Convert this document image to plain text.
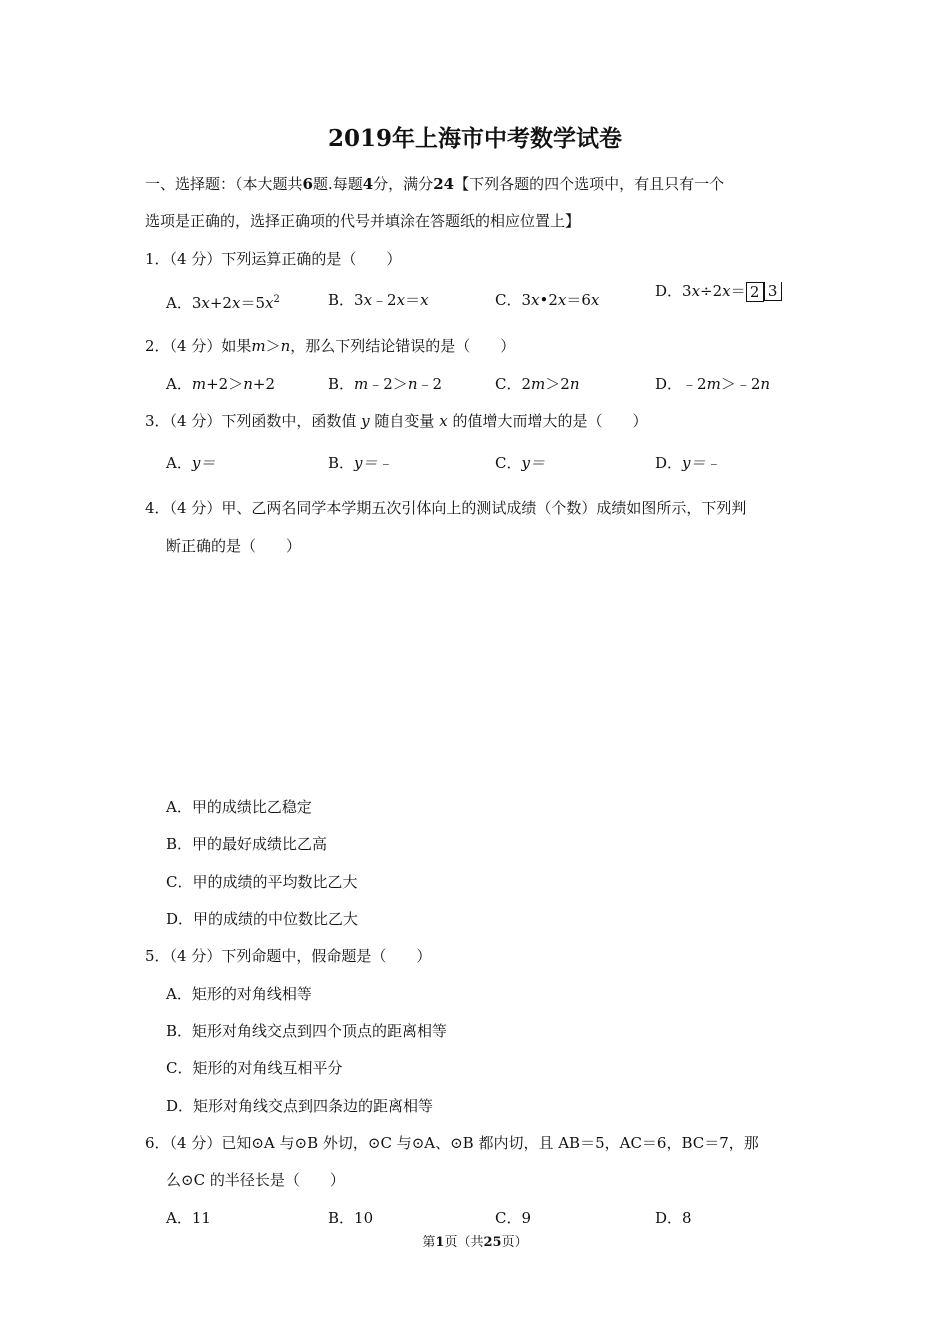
2019年上海市中考数学试卷
一、选择题：（本大题共6题.每题4分，满分24【下列各题的四个选项中，有且只有一个
选项是正确的，选择正确项的代号并填涂在答题纸的相应位置上】
1．（4 分）下列运算正确的是（　　）
A．$3x+2x=5x^2$	B．3x﹣2x＝x	C．3x•2x＝6x	D．3x÷2x＝ 2 3
2．（4 分）如果m＞n，那么下列结论错误的是（　　）
A．m+2＞n+2	B．m﹣2＞n﹣2	C．2m＞2n	D．﹣2m＞﹣2n
3．（4 分）下列函数中，函数值 y 随自变量 x 的值增大而增大的是（　　）
A．y＝	B．y＝﹣	C．y＝	D．y＝﹣
4．（4 分）甲、乙两名同学本学期五次引体向上的测试成绩（个数）成绩如图所示，下列判
断正确的是（　　）
A．甲的成绩比乙稳定
B．甲的最好成绩比乙高
C．甲的成绩的平均数比乙大
D．甲的成绩的中位数比乙大
5．（4 分）下列命题中，假命题是（　　）
A．矩形的对角线相等
B．矩形对角线交点到四个顶点的距离相等
C．矩形的对角线互相平分
D．矩形对角线交点到四条边的距离相等
6．（4 分）已知⊙A 与⊙B 外切，⊙C 与⊙A、⊙B 都内切，且 AB＝5，AC＝6，BC＝7，那
么⊙C 的半径长是（　　）
A．11	B．10	C．9	D．8
第1页（共25页）
